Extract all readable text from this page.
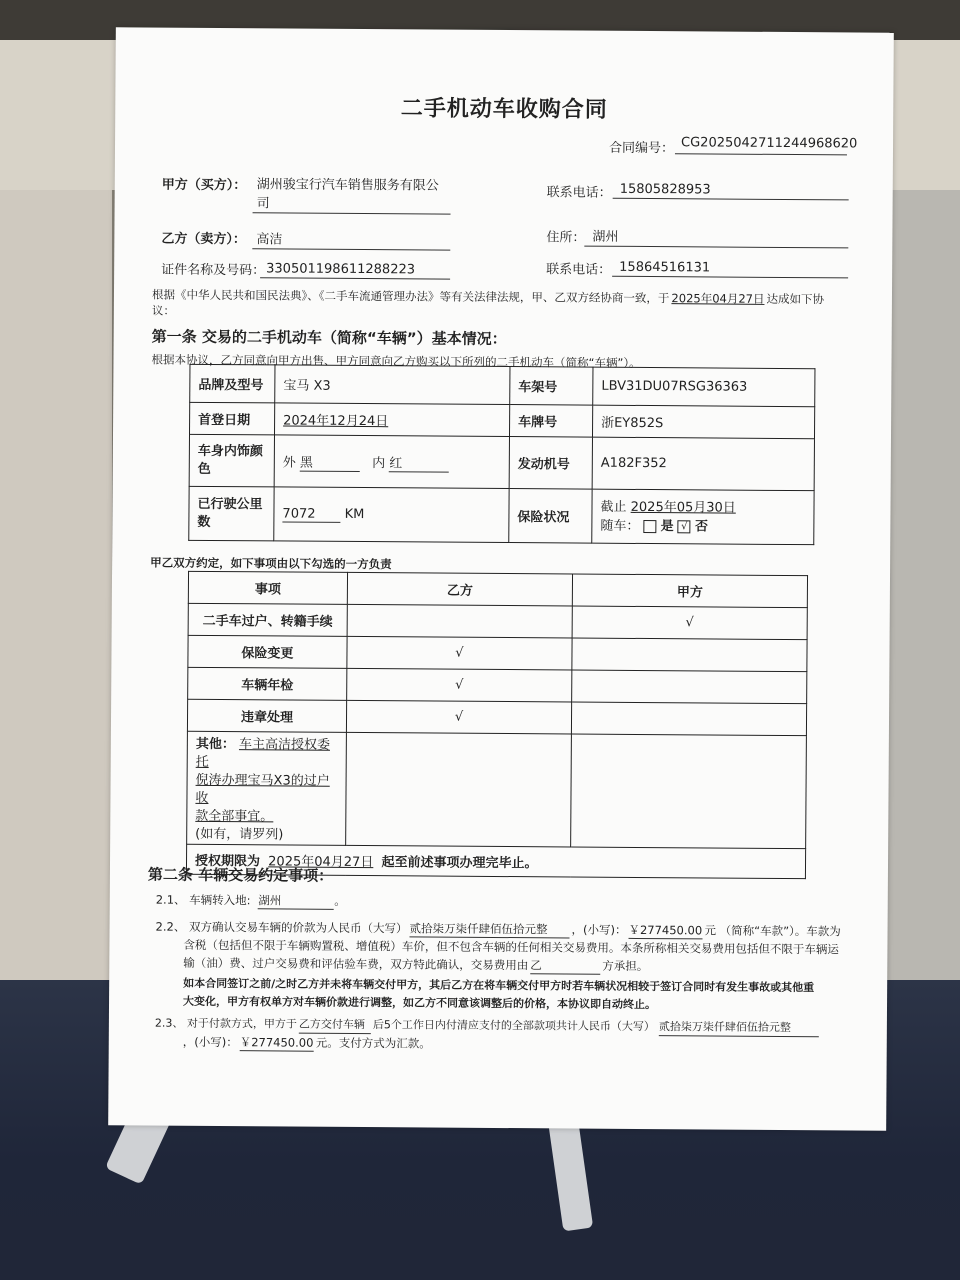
二手机动车收购合同
合同编号： CG2025042711244968620
甲方（买方）： 湖州骏宝行汽车销售服务有限公
司
联系电话： 15805828953
乙方（卖方）： 高洁	住所： 湖州
证件名称及号码： 330501198611288223	联系电话： 15864516131
根据《中华人民共和国民法典》、《二手车流通管理办法》等有关法律法规，甲、乙双方经协商一致，于 2025年04月27日 达成如下协
议：
第一条 交易的二手机动车（简称“车辆”）基本情况：
根据本协议，乙方同意向甲方出售、甲方同意向乙方购买以下所列的二手机动车（简称“车辆”）。
品牌及型号	宝马 X3	车架号	LBV31DU07RSG36363
首登日期	2024年12月24日	车牌号	浙EY852S
车身内饰颜色	外 黑 内 红	发动机号	A182F352
已行驶公里数	7072 KM	保险状况	截止 2025年05月30日
随车： 是 √ 否
甲乙双方约定，如下事项由以下勾选的一方负责
事项	乙方	甲方
二手车过户、转籍手续		√
保险变更	√	
车辆年检	√	
违章处理	√	
其他： 车主高洁授权委托
倪涛办理宝马X3的过户收
款全部事宜。
(如有，请罗列)		
授权期限为 2025年04月27日 起至前述事项办理完毕止。		
第二条 车辆交易约定事项：
2.1、 车辆转入地: 湖州	。
2.2、 双方确认交易车辆的价款为人民币（大写） 贰拾柒万柒仟肆佰伍拾元整 ，(小写)： ￥277450.00 元 （简称“车款”）。车款为
含税（包括但不限于车辆购置税、增值税）车价，但不包含车辆的任何相关交易费用。本条所称相关交易费用包括但不限于车辆运
输（油）费、过户交易费和评估验车费，双方特此确认，交易费用由 乙	方承担。
如本合同签订之前/之时乙方并未将车辆交付甲方，其后乙方在将车辆交付甲方时若车辆状况相较于签订合同时有发生事故或其他重
大变化，甲方有权单方对车辆价款进行调整，如乙方不同意该调整后的价格，本协议即自动终止。
2.3、 对于付款方式，甲方于 乙方交付车辆 后5个工作日内付清应支付的全部款项共计人民币（大写） 贰拾柒万柒仟肆佰伍拾元整
，(小写)： ￥277450.00 元。支付方式为汇款。
